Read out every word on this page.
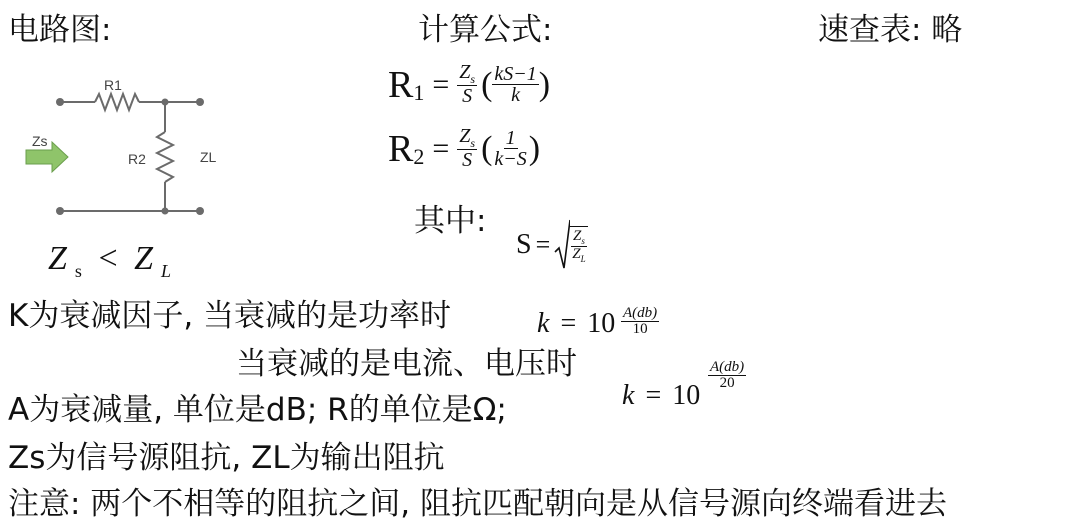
电路图:	计算公式:	速查表: 略
R1
R2
Zs
ZL
Z $_s$ < Z $_L$
R $1 = \frac{Z_s}{S}$ ( $\frac{kS-1}{k}$ )
R $2 = \frac{Z_s}{S}$ ( $\frac{1}{k-S}$ )
其中:
$S = \frac{Z_s}{Z_L}$
$k = 10 \frac{A(db)}{10}$
K为衰减因子, 当衰减的是功率时
当衰减的是电流、电压时
k = 10
$\frac{A(db)}{20}$
A为衰减量, 单位是dB; R的单位是Ω;
Zs为信号源阻抗, ZL为输出阻抗
注意: 两个不相等的阻抗之间, 阻抗匹配朝向是从信号源向终端看进去
